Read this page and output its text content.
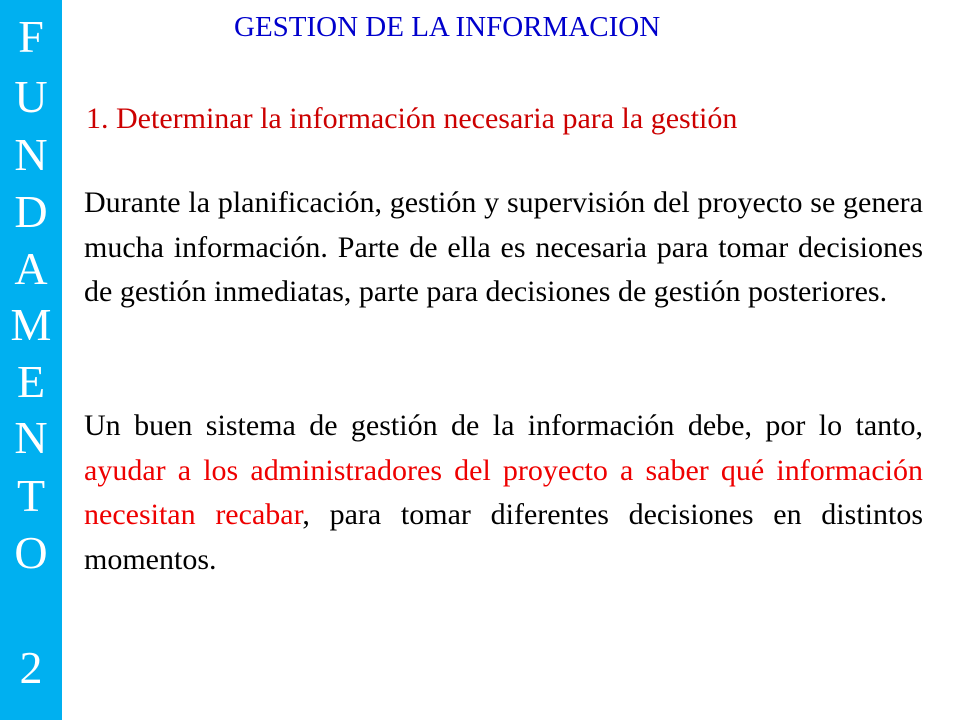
F
U
N
D
A
M
E
N
T
O
2
GESTION DE LA INFORMACION
1. Determinar la información necesaria para la gestión

Durante la planificación, gestión y supervisión del proyecto se genera mucha información. Parte de ella es necesaria para tomar decisiones de gestión inmediatas, parte para decisiones de gestión posteriores.

Un buen sistema de gestión de la información debe, por lo tanto, ayudar a los administradores del proyecto a saber qué información necesitan recabar, para tomar diferentes decisiones en distintos momentos.
